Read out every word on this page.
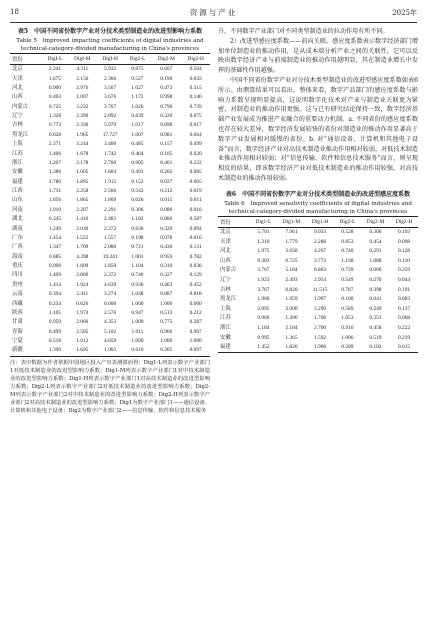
18	资源与产业	2025年
表5　中国不同省份数字产业对分技术类型制造业的改进型影响力系数
Table 5　Improved impacting coefficients of digital industries and technical-category-divided manufacturing in China's provinces
省份	DigI-L	DigI-M	DigI-H	Dig2-L	Dig2-M	Dig2-H
北京	2.241	4.311	5.932	0.875	0.667	0.504
天津	1.675	2.156	2.366	0.527	0.190	0.043
河北	0.900	2.976	3.567	1.027	0.473	0.315
山西	0.463	1.007	3.676	1.172	0.998	0.140
内蒙古	0.725	3.232	3.767	1.026	0.790	0.739
辽宁	1.328	2.390	2.892	0.839	0.320	0.075
吉林	0.773	2.330	5.979	1.017	0.898	0.617
黑龙江	0.628	1.965	17.727	1.007	0.981	0.664
上海	2.371	3.244	3.400	0.485	0.157	0.099
江苏	1.406	1.678	1.742	0.464	0.105	0.020
浙江	1.207	2.178	2.700	0.905	0.461	0.222
安徽	1.386	1.605	1.604	0.491	0.202	0.085
福建	1.780	1.895	1.915	0.152	0.027	0.005
江西	1.731	2.258	2.566	0.542	0.212	0.019
山东	1.856	1.865	1.869	0.026	0.015	0.011
河南	1.910	2.207	2.291	0.306	0.080	0.016
湖北	0.345	1.410	2.483	1.182	0.886	0.587
湖南	1.249	2.030	2.372	0.836	0.320	0.094
广东	1.454	1.522	1.557	0.198	0.078	0.016
广西	1.347	1.709	2.080	0.721	0.430	0.131
海南	0.885	4.398	19.241	1.001	0.959	0.782
重庆	0.908	1.609	1.850	1.104	0.310	0.036
四川	1.409	2.060	2.372	0.740	0.327	0.129
贵州	1.434	1.924	4.639	0.936	0.463	0.452
云南	0.394	2.411	3.274	1.048	0.887	0.818
西藏	0.234	0.626	0.000	1.000	1.000	0.000
陕西	1.105	1.974	2.576	0.947	0.513	0.212
甘肃	0.959	2.060	4.353	1.009	0.775	0.287
青海	0.499	2.505	5.102	1.011	0.966	0.907
宁夏	0.518	1.012	4.659	1.000	1.000	1.000
新疆	1.390	1.695	1.903	0.610	0.305	0.097
注：表中数据为作者依据中国地区投入产出表测算而得；Dig1-L列表示数字产业部门1对低技术制造业的改进型影响力系数；Dig1-M列表示数字产业部门1对中技术制造业的改进型影响力系数；Dig1-H列表示数字产业部门1对高技术制造业的改进型影响力系数；Dig2-L列表示数字产业部门2对低技术制造业的改进型影响力系数；Dig2-M列表示数字产业部门2对中技术制造业的改进型影响力系数；Dig2-H列表示数字产业部门2对高技术制造业的改进型影响力系数；Dig1为数字产业部门1——通信设备、计算机和其他电子设备；Dig2为数字产业部门2——信息传输、软件和信息技术服务
升，不同数字产业部门对不同类型制造业的拉动作用有所不同。
2）改进型感应度系数——前向关联。感应度系数表示数字经济部门增加单位制造业的推动作用，是从成本端分析产业之间的关联性。它可以反映出数字经济产业与前端制造业的推动作用越明显，其在制造业增长中发挥的基础性作用越强。
中国不同省份数字产业对分技术类型制造业的改进型感应度系数如表6所示。由测算结果可以看出，整体来看，数字产品部门的感应度系数与影响力系数呈现明显提高，这说明数字化技术对产业与制造业关联更为紧密，对制造业的推动作用更强。这与已有研究结论保持一致，数字经济基础产业发展成为推进产业融合的重要动力机制。a. 不同省份的感应度系数也存在较大差异，数字经济发展较快的省份对制造业的推动作用显著高于数字产业发展相对缓慢的省份。b. 对“通信设备、计算机和其他电子设备”而言，数字经济产业对高技术制造业推动作用相对较弱，对低技术制造业推动作用相对较弱；对“信息传输、软件和信息技术服务”而言，则呈现相反的结果，即该数字经济产业对低技术制造业的推动作用较强，对高技术制造业的推动作用较弱。
表6　中国不同省份数字产业对分技术类型制造业的改进型感应度系数
Table 6　Improved sensitivity coefficients of digital industries and technical-category-divided manufacturing in China's provinces
省份	Dig1-L	Dig1-M	Dig1-H	Dig2-L	Dig2-M	Dig2-H
北京	5.701	7.961	9.033	0.528	0.300	0.193
天津	1.210	1.779	2.288	0.853	0.454	0.098
河北	1.975	3.658	4.267	0.740	0.291	0.128
山西	0.383	0.725	3.772	1.198	1.088	0.110
内蒙古	3.767	5.184	8.863	0.739	0.606	0.259
辽宁	1.923	2.493	2.954	0.549	0.270	0.044
吉林	3.767	8.820	11.515	0.787	0.398	0.191
黑龙江	1.900	1.959	1.997	0.100	0.041	0.003
上海	2.095	3.000	3.299	0.589	0.249	0.137
江苏	0.960	1.490	1.706	1.053	0.353	0.068
浙江	1.184	2.184	2.700	0.916	0.458	0.222
安徽	0.995	1.365	1.592	1.006	0.519	0.219
福建	1.452	1.826	1.906	0.509	0.102	0.015
